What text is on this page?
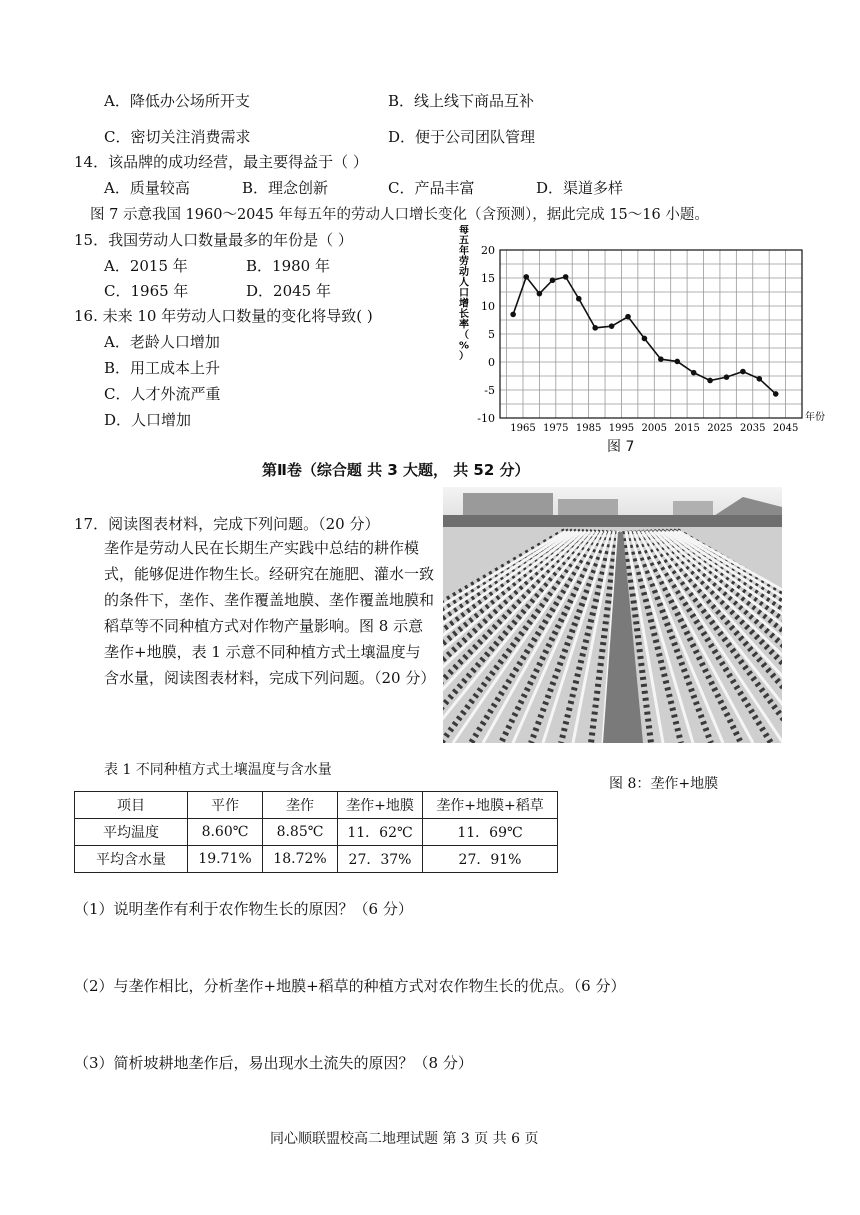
A．降低办公场所开支	B．线上线下商品互补
C．密切关注消费需求	D．便于公司团队管理
14．该品牌的成功经营，最主要得益于（ ）
A．质量较高	B．理念创新	C．产品丰富	D．渠道多样
图 7 示意我国 1960～2045 年每五年的劳动人口增长变化（含预测），据此完成 15～16 小题。
15．我国劳动人口数量最多的年份是（ ）
A．2015 年	B．1980 年
C．1965 年	D．2045 年
16. 未来 10 年劳动人口数量的变化将导致( )
A．老龄人口增加
B．用工成本上升
C．人才外流严重
D．人口增加
20
15
10
5
0
-5
-10
1965 1975 1985 1995 2005 2015 2025 2035 2045
年份
每
五
年
劳
动
人
口
增
长
率
（
%
）
图 7
第Ⅱ卷（综合题 共 3 大题， 共 52 分）
17．阅读图表材料，完成下列问题。（20 分）
垄作是劳动人民在长期生产实践中总结的耕作模式，能够促进作物生长。经研究在施肥、灌水一致的条件下，垄作、垄作覆盖地膜、垄作覆盖地膜和稻草等不同种植方式对作物产量影响。图 8 示意垄作+地膜，表 1 示意不同种植方式土壤温度与含水量，阅读图表材料，完成下列问题。（20 分）
图 8：垄作+地膜
表 1 不同种植方式土壤温度与含水量
项目	平作	垄作	垄作+地膜	垄作+地膜+稻草
平均温度	8.60℃	8.85℃	11．62℃	11．69℃
平均含水量	19.71%	18.72%	27．37%	27．91%
（1）说明垄作有利于农作物生长的原因？（6 分）
（2）与垄作相比，分析垄作+地膜+稻草的种植方式对农作物生长的优点。（6 分）
（3）简析坡耕地垄作后，易出现水土流失的原因？（8 分）
同心顺联盟校高二地理试题 第 3 页 共 6 页
